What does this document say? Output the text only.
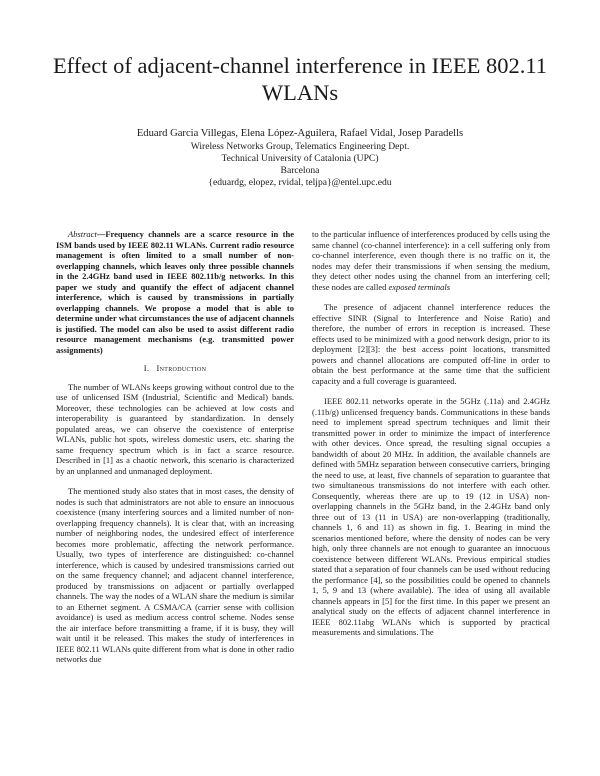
Effect of adjacent-channel interference in IEEE 802.11 WLANs
Eduard Garcia Villegas, Elena López-Aguilera, Rafael Vidal, Josep Paradells
Wireless Networks Group, Telematics Engineering Dept.
Technical University of Catalonia (UPC)
Barcelona
{eduardg, elopez, rvidal, teljpa}@entel.upc.edu

Abstract—Frequency channels are a scarce resource in the ISM bands used by IEEE 802.11 WLANs. Current radio resource management is often limited to a small number of non-overlapping channels, which leaves only three possible channels in the 2.4GHz band used in IEEE 802.11b/g networks. In this paper we study and quantify the effect of adjacent channel interference, which is caused by transmissions in partially overlapping channels. We propose a model that is able to determine under what circumstances the use of adjacent channels is justified. The model can also be used to assist different radio resource management mechanisms (e.g. transmitted power assignments)

I. Introduction

The number of WLANs keeps growing without control due to the use of unlicensed ISM (Industrial, Scientific and Medical) bands. Moreover, these technologies can be achieved at low costs and interoperability is guaranteed by standardization. In densely populated areas, we can observe the coexistence of enterprise WLANs, public hot spots, wireless domestic users, etc. sharing the same frequency spectrum which is in fact a scarce resource. Described in [1] as a chaotic network, this scenario is characterized by an unplanned and unmanaged deployment.

The mentioned study also states that in most cases, the density of nodes is such that administrators are not able to ensure an innocuous coexistence (many interfering sources and a limited number of non-overlapping frequency channels). It is clear that, with an increasing number of neighboring nodes, the undesired effect of interference becomes more problematic, affecting the network performance. Usually, two types of interference are distinguished: co-channel interference, which is caused by undesired transmissions carried out on the same frequency channel; and adjacent channel interference, produced by transmissions on adjacent or partially overlapped channels. The way the nodes of a WLAN share the medium is similar to an Ethernet segment. A CSMA/CA (carrier sense with collision avoidance) is used as medium access control scheme. Nodes sense the air interface before transmitting a frame, if it is busy, they will wait until it be released. This makes the study of interferences in IEEE 802.11 WLANs quite different from what is done in other radio networks due

to the particular influence of interferences produced by cells using the same channel (co-channel interference): in a cell suffering only from co-channel interference, even though there is no traffic on it, the nodes may defer their transmissions if when sensing the medium, they detect other nodes using the channel from an interfering cell; these nodes are called exposed terminals

The presence of adjacent channel interference reduces the effective SINR (Signal to Interference and Noise Ratio) and therefore, the number of errors in reception is increased. These effects used to be minimized with a good network design, prior to its deployment [2][3]: the best access point locations, transmitted powers and channel allocations are computed off-line in order to obtain the best performance at the same time that the sufficient capacity and a full coverage is guaranteed.

IEEE 802.11 networks operate in the 5GHz (.11a) and 2.4GHz (.11b/g) unlicensed frequency bands. Communications in these bands need to implement spread spectrum techniques and limit their transmitted power in order to minimize the impact of interference with other devices. Once spread, the resulting signal occupies a bandwidth of about 20 MHz. In addition, the available channels are defined with 5MHz separation between consecutive carriers, bringing the need to use, at least, five channels of separation to guarantee that two simultaneous transmissions do not interfere with each other. Consequently, whereas there are up to 19 (12 in USA) non-overlapping channels in the 5GHz band, in the 2.4GHz band only three out of 13 (11 in USA) are non-overlapping (traditionally, channels 1, 6 and 11) as shown in fig. 1. Bearing in mind the scenarios mentioned before, where the density of nodes can be very high, only three channels are not enough to guarantee an innocuous coexistence between different WLANs. Previous empirical studies stated that a separation of four channels can be used without reducing the performance [4], so the possibilities could be opened to channels 1, 5, 9 and 13 (where available). The idea of using all available channels appears in [5] for the first time. In this paper we present an analytical study on the effects of adjacent channel interference in IEEE 802.11abg WLANs which is supported by practical measurements and simulations. The
